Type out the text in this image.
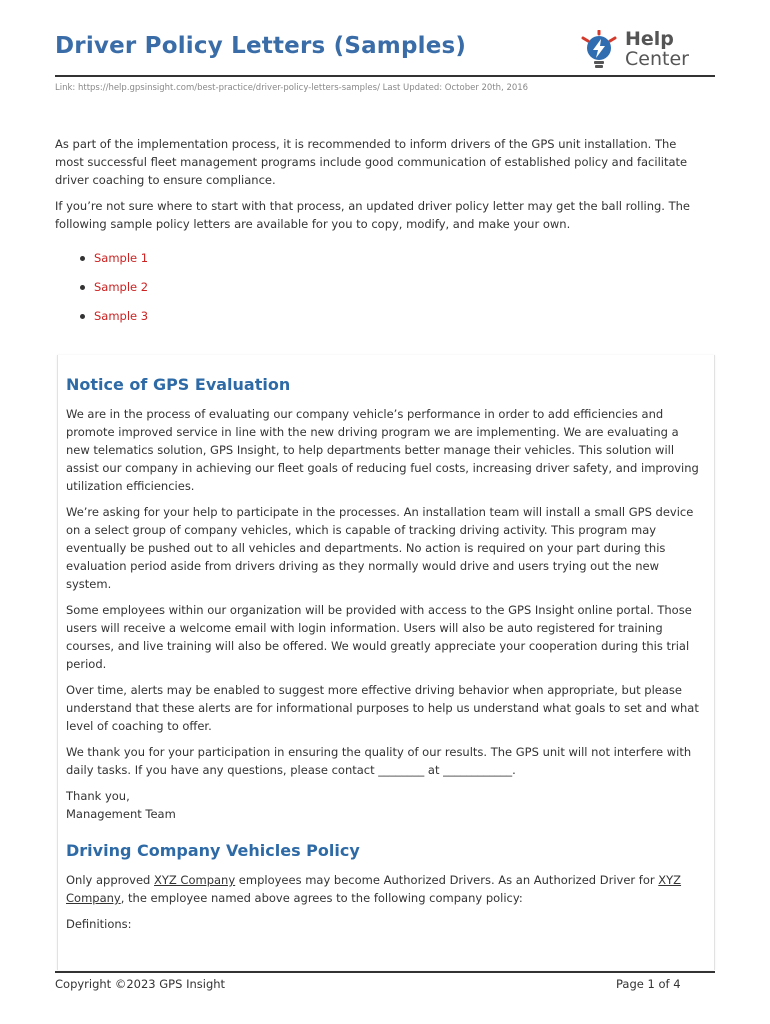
Driver Policy Letters (Samples)	Help
Center
Link: https://help.gpsinsight.com/best-practice/driver-policy-letters-samples/ Last Updated: October 20th, 2016

As part of the implementation process, it is recommended to inform drivers of the GPS unit installation. The most successful fleet management programs include good communication of established policy and facilitate driver coaching to ensure compliance.

If you’re not sure where to start with that process, an updated driver policy letter may get the ball rolling. The following sample policy letters are available for you to copy, modify, and make your own.

Sample 1
Sample 2
Sample 3
Notice of GPS Evaluation

We are in the process of evaluating our company vehicle’s performance in order to add efficiencies and promote improved service in line with the new driving program we are implementing. We are evaluating a new telematics solution, GPS Insight, to help departments better manage their vehicles. This solution will assist our company in achieving our fleet goals of reducing fuel costs, increasing driver safety, and improving utilization efficiencies.

We’re asking for your help to participate in the processes. An installation team will install a small GPS device on a select group of company vehicles, which is capable of tracking driving activity. This program may eventually be pushed out to all vehicles and departments. No action is required on your part during this evaluation period aside from drivers driving as they normally would drive and users trying out the new system.

Some employees within our organization will be provided with access to the GPS Insight online portal. Those users will receive a welcome email with login information. Users will also be auto registered for training courses, and live training will also be offered. We would greatly appreciate your cooperation during this trial period.

Over time, alerts may be enabled to suggest more effective driving behavior when appropriate, but please understand that these alerts are for informational purposes to help us understand what goals to set and what level of coaching to offer.

We thank you for your participation in ensuring the quality of our results. The GPS unit will not interfere with daily tasks. If you have any questions, please contact ________ at ____________.

Thank you,
Management Team

Driving Company Vehicles Policy

Only approved XYZ Company employees may become Authorized Drivers. As an Authorized Driver for XYZ Company, the employee named above agrees to the following company policy:

Definitions:

Copyright ©2023 GPS Insight	Page 1 of 4
